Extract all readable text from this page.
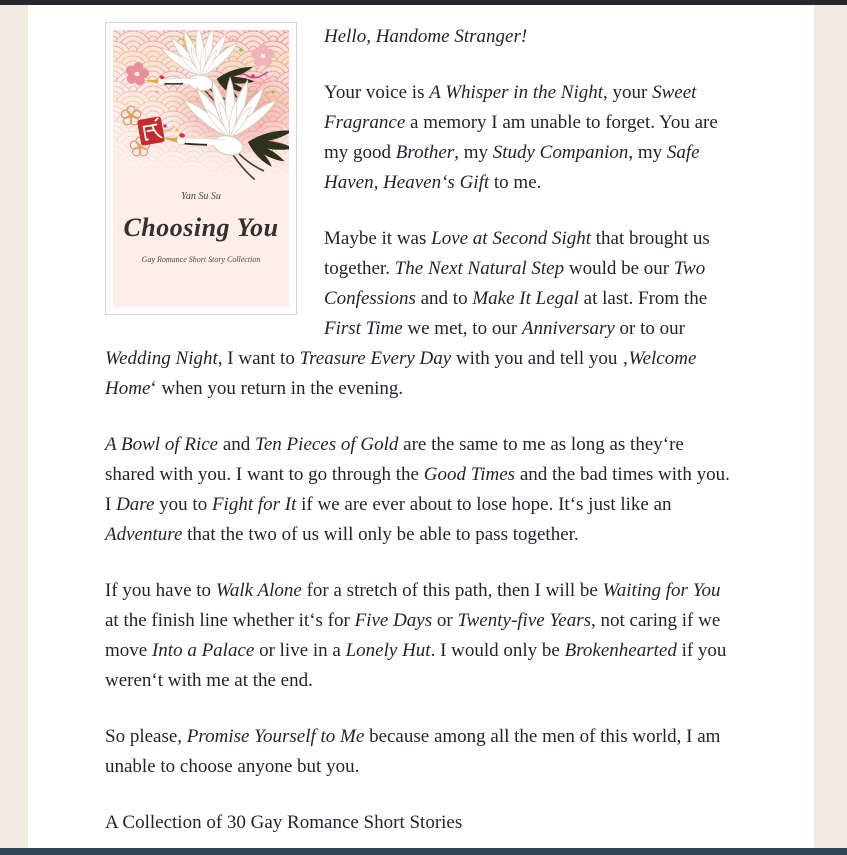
Yan Su Su
Choosing You
Gay Romance Short Story Collection

Hello, Handome Stranger!

Your voice is A Whisper in the Night, your Sweet Fragrance a memory I am unable to forget. You are my good Brother, my Study Companion, my Safe Haven, Heaven‘s Gift to me.

Maybe it was Love at Second Sight that brought us together. The Next Natural Step would be our Two Confessions and to Make It Legal at last. From the First Time we met, to our Anniversary or to our Wedding Night, I want to Treasure Every Day with you and tell you ‚Welcome Home‘ when you return in the evening.

A Bowl of Rice and Ten Pieces of Gold are the same to me as long as they‘re shared with you. I want to go through the Good Times and the bad times with you. I Dare you to Fight for It if we are ever about to lose hope. It‘s just like an Adventure that the two of us will only be able to pass together.

If you have to Walk Alone for a stretch of this path, then I will be Waiting for You at the finish line whether it‘s for Five Days or Twenty-five Years, not caring if we move Into a Palace or live in a Lonely Hut. I would only be Brokenhearted if you weren‘t with me at the end.

So please, Promise Yourself to Me because among all the men of this world, I am unable to choose anyone but you.

A Collection of 30 Gay Romance Short Stories
